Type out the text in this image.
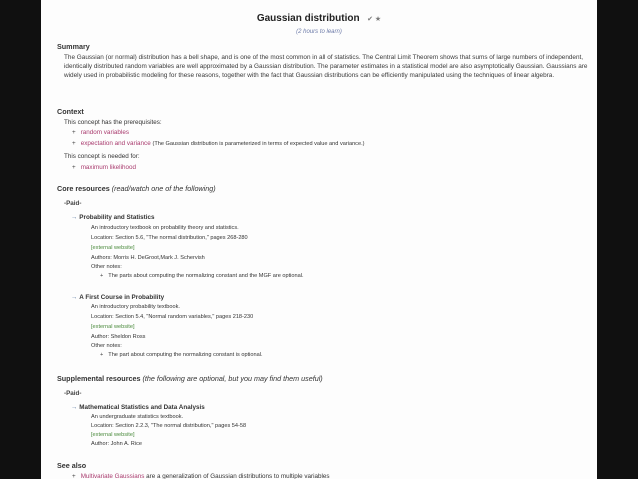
Gaussian distribution ✔ ★
(2 hours to learn)
Summary
The Gaussian (or normal) distribution has a bell shape, and is one of the most common in all of statistics. The Central Limit Theorem shows that sums of large numbers of independent, identically distributed random variables are well approximated by a Gaussian distribution. The parameter estimates in a statistical model are also asymptotically Gaussian. Gaussians are widely used in probabilistic modeling for these reasons, together with the fact that Gaussian distributions can be efficiently manipulated using the techniques of linear algebra.
Context
This concept has the prerequisites:
+ random variables
+ expectation and variance (The Gaussian distribution is parameterized in terms of expected value and variance.)
This concept is needed for:
+ maximum likelihood
Core resources (read/watch one of the following)
-Paid-
→ Probability and Statistics
An introductory textbook on probability theory and statistics.
Location: Section 5.6, "The normal distribution," pages 268-280
[external website]
Authors: Morris H. DeGroot,Mark J. Schervish
Other notes:
+ The parts about computing the normalizing constant and the MGF are optional.
→ A First Course in Probability
An introductory probability textbook.
Location: Section 5.4, "Normal random variables," pages 218-230
[external website]
Author: Sheldon Ross
Other notes:
+ The part about computing the normalizing constant is optional.
Supplemental resources (the following are optional, but you may find them useful)
-Paid-
→ Mathematical Statistics and Data Analysis
An undergraduate statistics textbook.
Location: Section 2.2.3, "The normal distribution," pages 54-58
[external website]
Author: John A. Rice
See also
+ Multivariate Gaussians are a generalization of Gaussian distributions to multiple variables
